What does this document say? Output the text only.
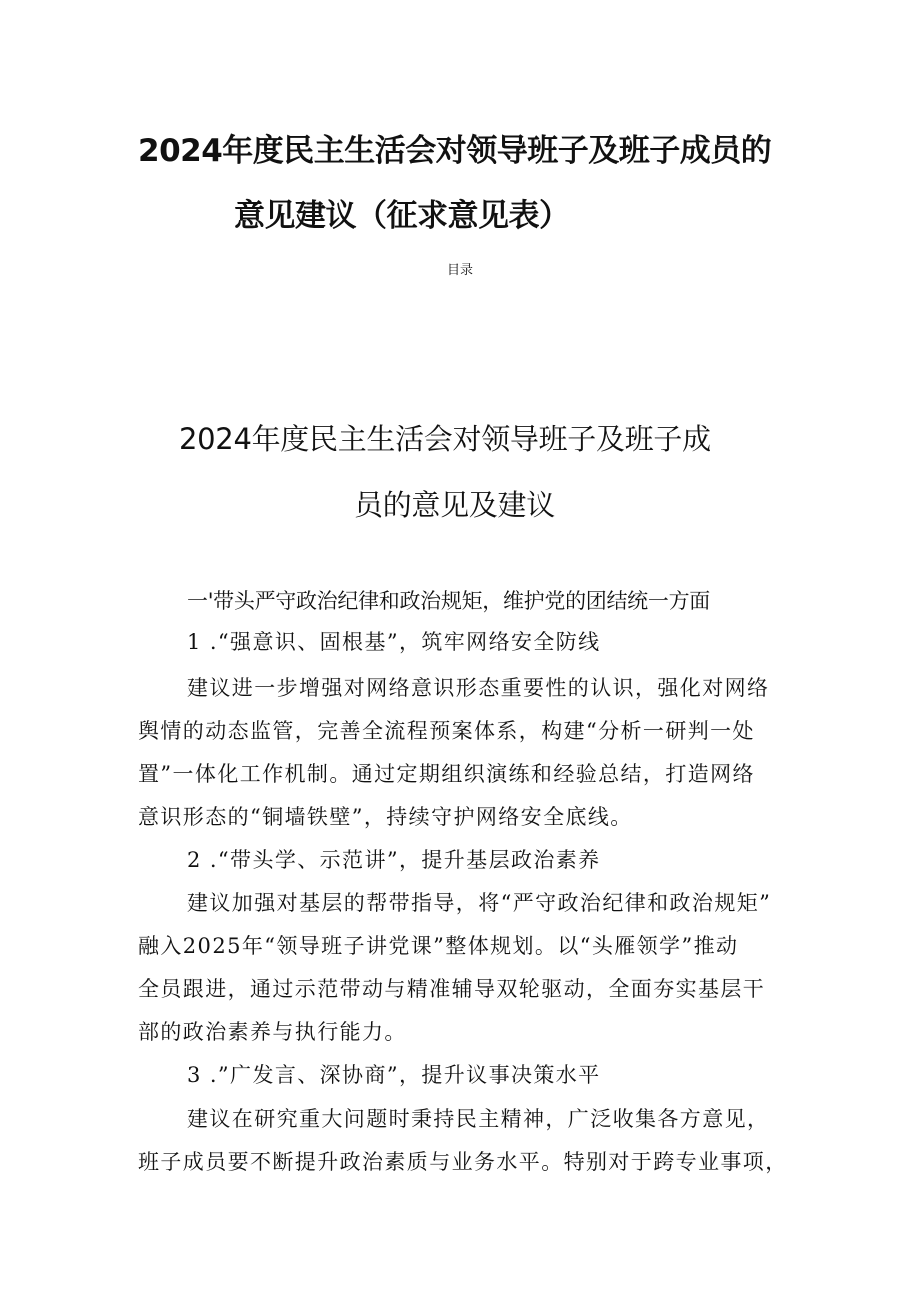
2024年度民主生活会对领导班子及班子成员的
意见建议（征求意见表）
目录
2024年度民主生活会对领导班子及班子成
员的意见及建议
一'带头严守政治纪律和政治规矩，维护党的团结统一方面
1 .“强意识、固根基”，筑牢网络安全防线
建议进一步增强对网络意识形态重要性的认识，强化对网络
舆情的动态监管，完善全流程预案体系，构建“分析一研判一处
置”一体化工作机制。通过定期组织演练和经验总结，打造网络
意识形态的“铜墙铁壁”，持续守护网络安全底线。
2 .“带头学、示范讲”，提升基层政治素养
建议加强对基层的帮带指导，将“严守政治纪律和政治规矩”
融入2025年“领导班子讲党课”整体规划。以“头雁领学”推动
全员跟进，通过示范带动与精准辅导双轮驱动，全面夯实基层干
部的政治素养与执行能力。
3 .”广发言、深协商”，提升议事决策水平
建议在研究重大问题时秉持民主精神，广泛收集各方意见，
班子成员要不断提升政治素质与业务水平。特别对于跨专业事项，
